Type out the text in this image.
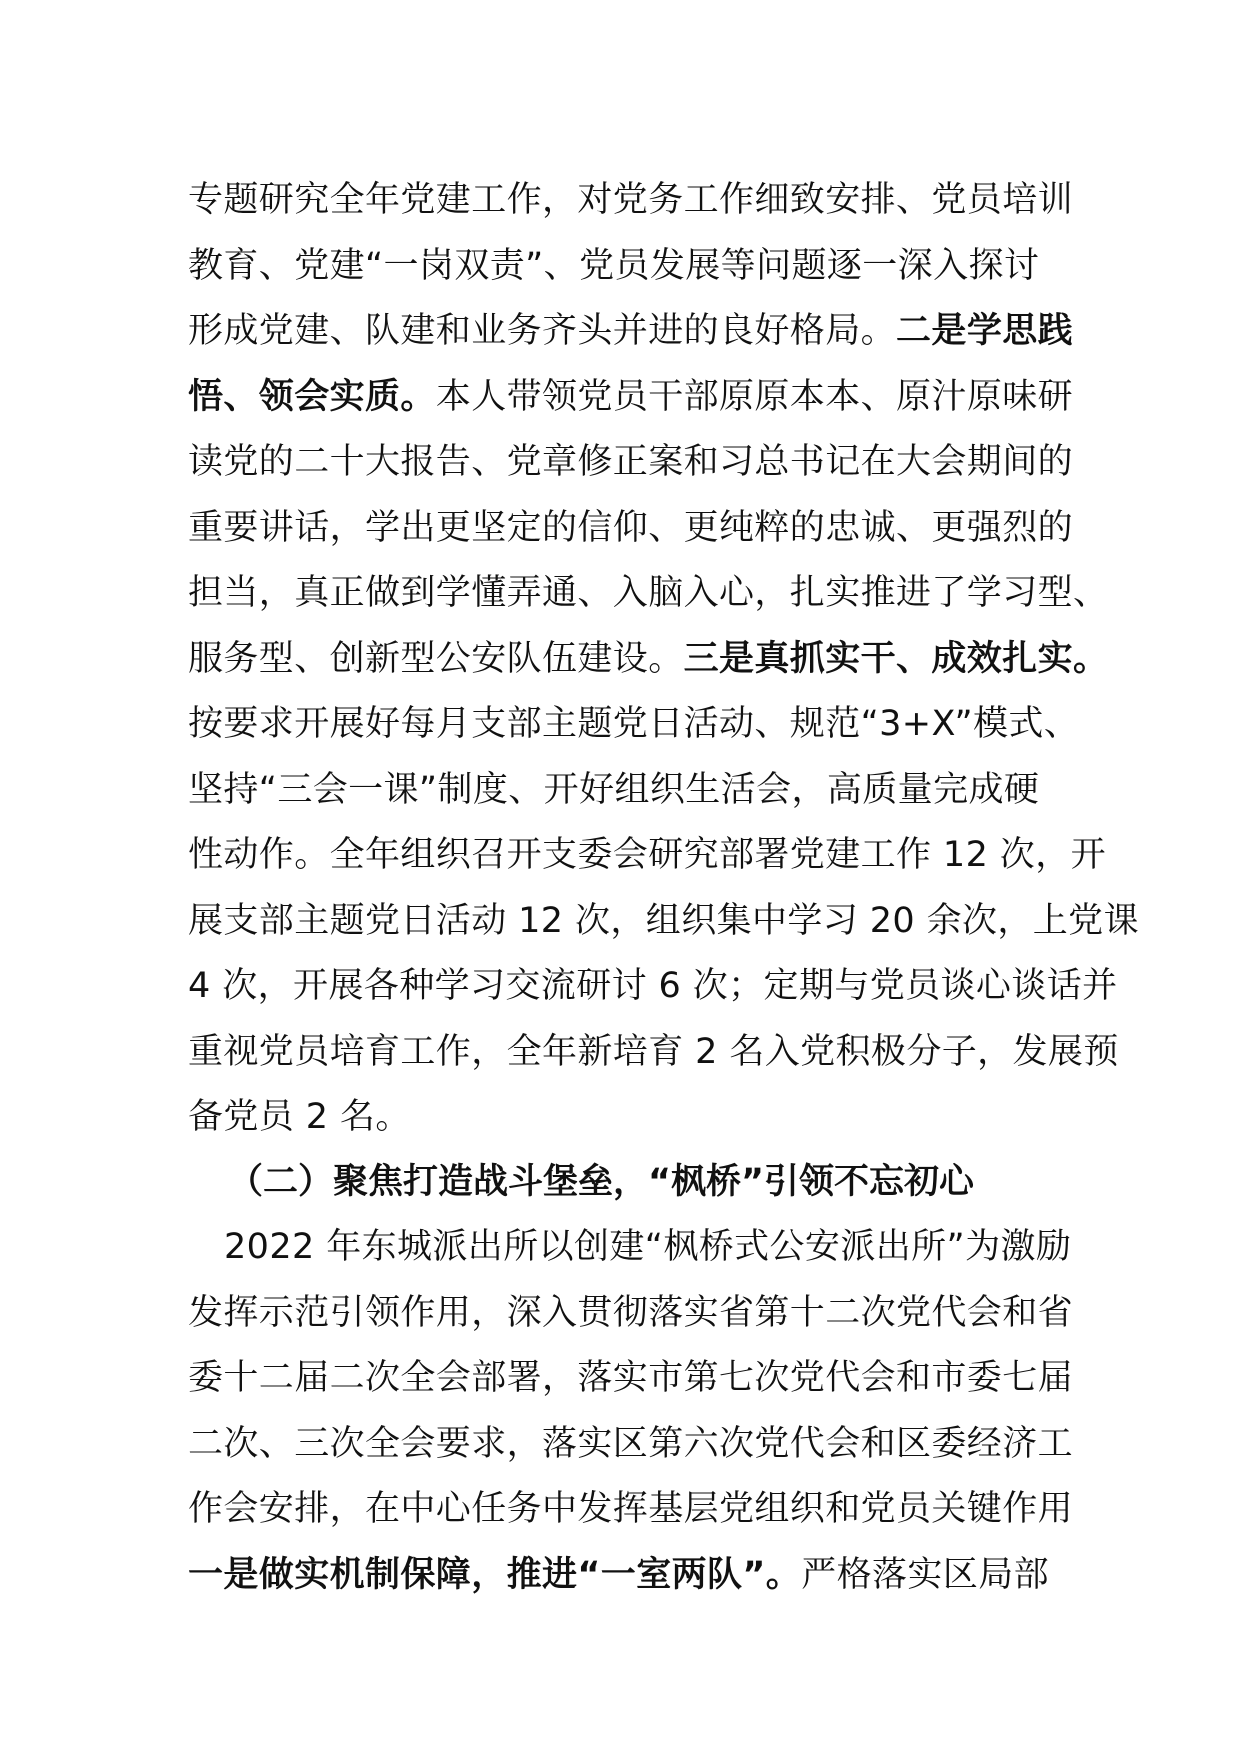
专题研究全年党建工作，对党务工作细致安排、党员培训
教育、党建“一岗双责”、党员发展等问题逐一深入探讨
形成党建、队建和业务齐头并进的良好格局。二是学思践
悟、领会实质。本人带领党员干部原原本本、原汁原味研
读党的二十大报告、党章修正案和习总书记在大会期间的
重要讲话，学出更坚定的信仰、更纯粹的忠诚、更强烈的
担当，真正做到学懂弄通、入脑入心，扎实推进了学习型、
服务型、创新型公安队伍建设。三是真抓实干、成效扎实。
按要求开展好每月支部主题党日活动、规范“3+X”模式、
坚持“三会一课”制度、开好组织生活会，高质量完成硬
性动作。全年组织召开支委会研究部署党建工作 12 次，开
展支部主题党日活动 12 次，组织集中学习 20 余次，上党课
4 次，开展各种学习交流研讨 6 次；定期与党员谈心谈话并
重视党员培育工作，全年新培育 2 名入党积极分子，发展预
备党员 2 名。
（二）聚焦打造战斗堡垒，“枫桥”引领不忘初心
2022 年东城派出所以创建“枫桥式公安派出所”为激励
发挥示范引领作用，深入贯彻落实省第十二次党代会和省
委十二届二次全会部署，落实市第七次党代会和市委七届
二次、三次全会要求，落实区第六次党代会和区委经济工
作会安排，在中心任务中发挥基层党组织和党员关键作用
一是做实机制保障，推进“一室两队”。严格落实区局部
